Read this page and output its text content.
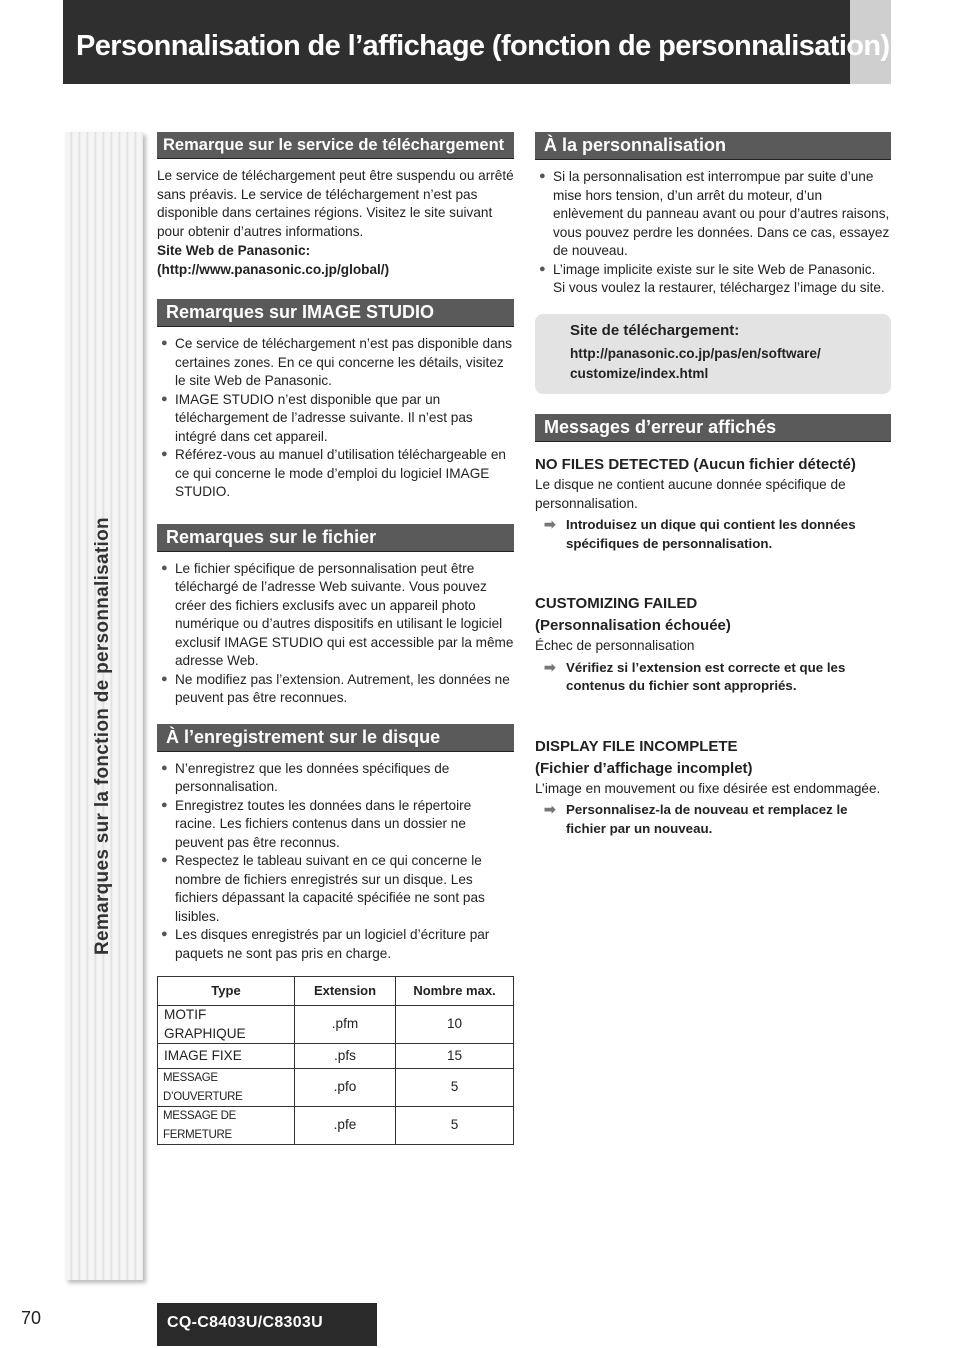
Personnalisation de l’affichage (fonction de personnalisation)
Remarques sur la fonction de personnalisation
Remarque sur le service de téléchargement

Le service de téléchargement peut être suspendu ou arrêté sans préavis. Le service de téléchargement n’est pas disponible dans certaines régions. Visitez le site suivant pour obtenir d’autres informations.

Site Web de Panasonic:

(http://www.panasonic.co.jp/global/)

Remarques sur IMAGE STUDIO
● Ce service de téléchargement n’est pas disponible dans certaines zones. En ce qui concerne les détails, visitez le site Web de Panasonic.
● IMAGE STUDIO n’est disponible que par un téléchargement de l’adresse suivante. Il n’est pas intégré dans cet appareil.
● Référez-vous au manuel d’utilisation téléchargeable en ce qui concerne le mode d’emploi du logiciel IMAGE STUDIO.
Remarques sur le fichier
● Le fichier spécifique de personnalisation peut être téléchargé de l’adresse Web suivante. Vous pouvez créer des fichiers exclusifs avec un appareil photo numérique ou d’autres dispositifs en utilisant le logiciel exclusif IMAGE STUDIO qui est accessible par la même adresse Web.
● Ne modifiez pas l’extension. Autrement, les données ne peuvent pas être reconnues.
À l’enregistrement sur le disque
● N’enregistrez que les données spécifiques de personnalisation.
● Enregistrez toutes les données dans le répertoire racine. Les fichiers contenus dans un dossier ne peuvent pas être reconnus.
● Respectez le tableau suivant en ce qui concerne le nombre de fichiers enregistrés sur un disque. Les fichiers dépassant la capacité spécifiée ne sont pas lisibles.
● Les disques enregistrés par un logiciel d’écriture par paquets ne sont pas pris en charge.
Type	Extension	Nombre max.
MOTIF GRAPHIQUE	.pfm	10
IMAGE FIXE	.pfs	15
MESSAGE D’OUVERTURE	.pfo	5
MESSAGE DE FERMETURE	.pfe	5
À la personnalisation
● Si la personnalisation est interrompue par suite d’une mise hors tension, d’un arrêt du moteur, d’un enlèvement du panneau avant ou pour d’autres raisons, vous pouvez perdre les données. Dans ce cas, essayez de nouveau.
● L’image implicite existe sur le site Web de Panasonic. Si vous voulez la restaurer, téléchargez l’image du site.
Site de téléchargement:
http://panasonic.co.jp/pas/en/software/
customize/index.html
Messages d’erreur affichés
NO FILES DETECTED (Aucun fichier détecté)

Le disque ne contient aucune donnée spécifique de personnalisation.

➡ Introduisez un dique qui contient les données spécifiques de personnalisation.
CUSTOMIZING FAILED
(Personnalisation échouée)

Échec de personnalisation

➡ Vérifiez si l’extension est correcte et que les contenus du fichier sont appropriés.
DISPLAY FILE INCOMPLETE
(Fichier d’affichage incomplet)

L’image en mouvement ou fixe désirée est endommagée.

➡ Personnalisez-la de nouveau et remplacez le fichier par un nouveau.
70	CQ-C8403U/C8303U
